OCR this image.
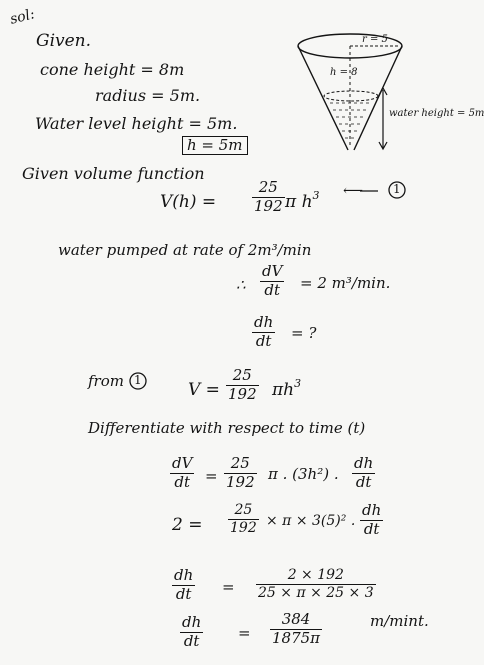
sol:
Given.
cone height = 8m
radius = 5m.
Water level height = 5m.
h = 5m
r = 5
h = 8
water height = 5m
Given volume function
V(h) =
25
192 π $h^3$ ⟵ 1
water pumped at rate of 2m³/min
∴
dV
dt = 2 m³/min.
dh
dt = ?
from 1	V =
25
192 $\pi h^3$
Differentiate with respect to time (t)
dV
dt =
25
192 π . (3h²) .
dh
dt
2 =
25
192 × π × 3(5)² .
dh
dt
dh
dt =
2 × 192
25 × π × 25 × 3
dh
dt	=
384
1875π
m/mint.
